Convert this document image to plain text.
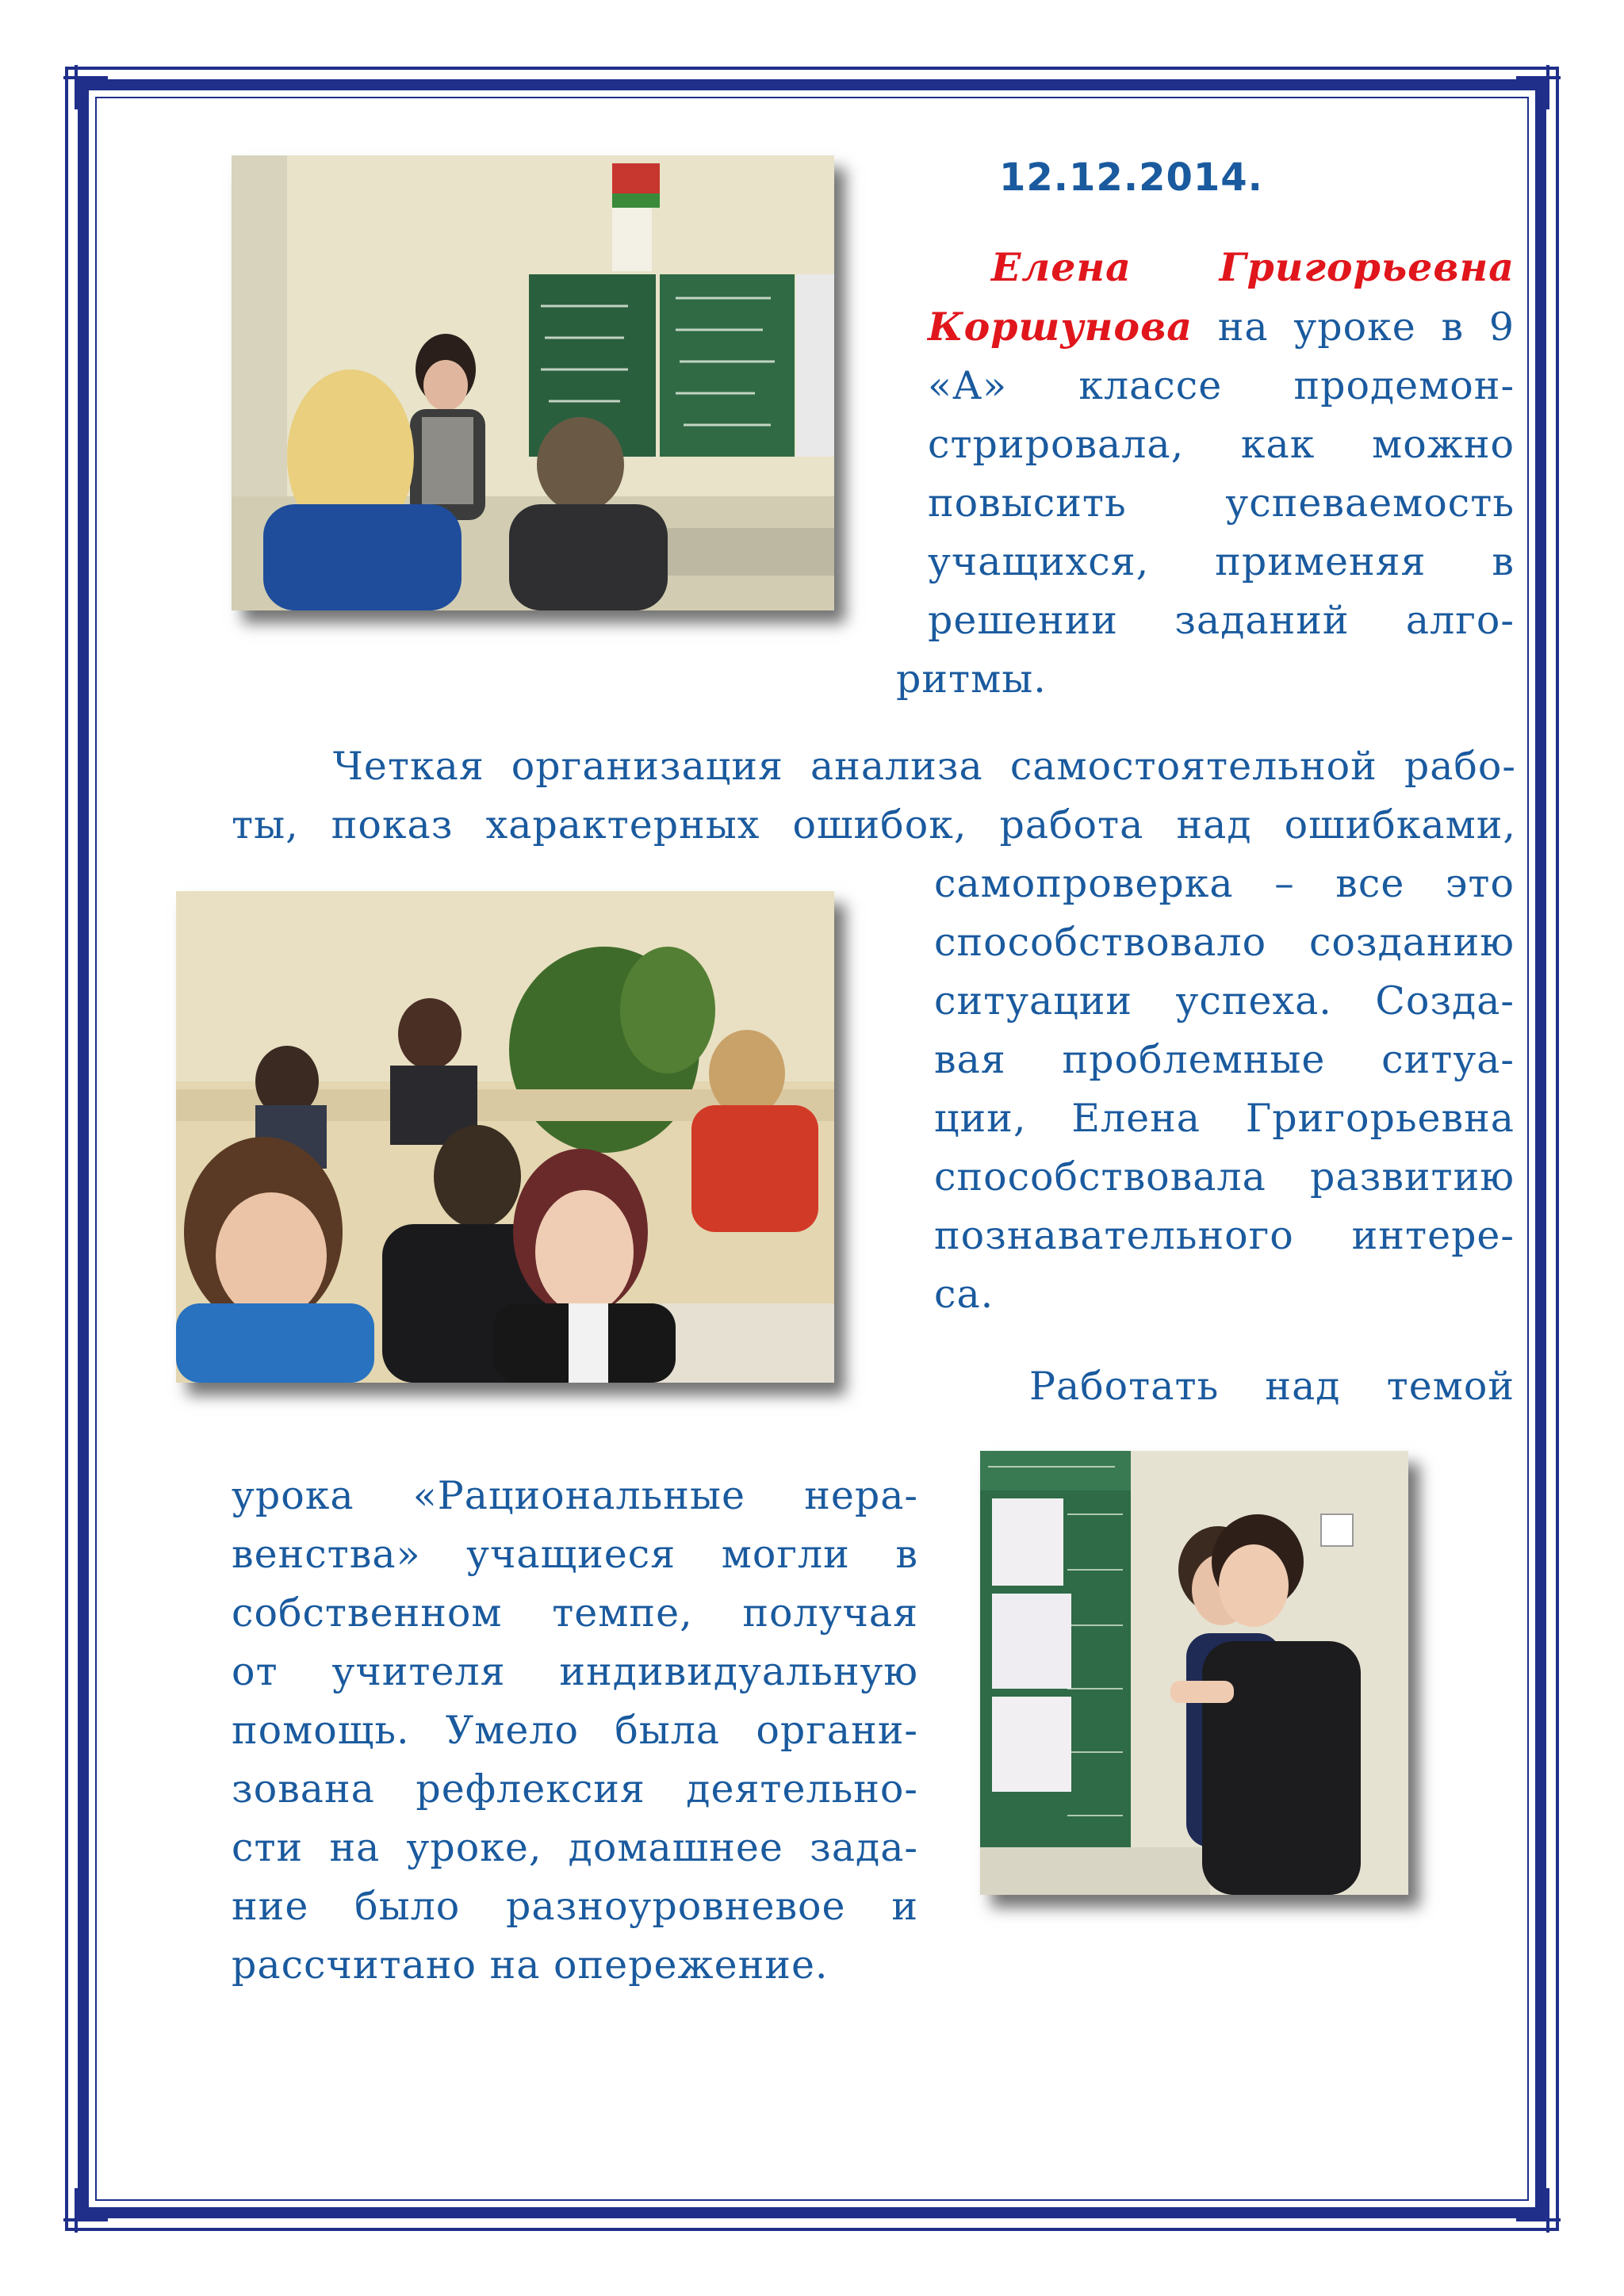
12.12.2014.

Елена Григорьевна

Коршунова на уроке в 9

«А» классе продемон-

стрировала, как можно

повысить успеваемость

учащихся, применяя в

решении заданий алго-

ритмы.

Четкая организация анализа самостоятельной рабо-

ты, показ характерных ошибок, работа над ошибками,

самопроверка – все это

способствовало созданию

ситуации успеха. Созда-

вая проблемные ситуа-

ции, Елена Григорьевна

способствовала развитию

познавательного интере-

са.

Работать над темой

урока «Рациональные нера-

венства» учащиеся могли в

собственном темпе, получая

от учителя индивидуальную

помощь. Умело была органи-

зована рефлексия деятельно-

сти на уроке, домашнее зада-

ние было разноуровневое и

рассчитано на опережение.
